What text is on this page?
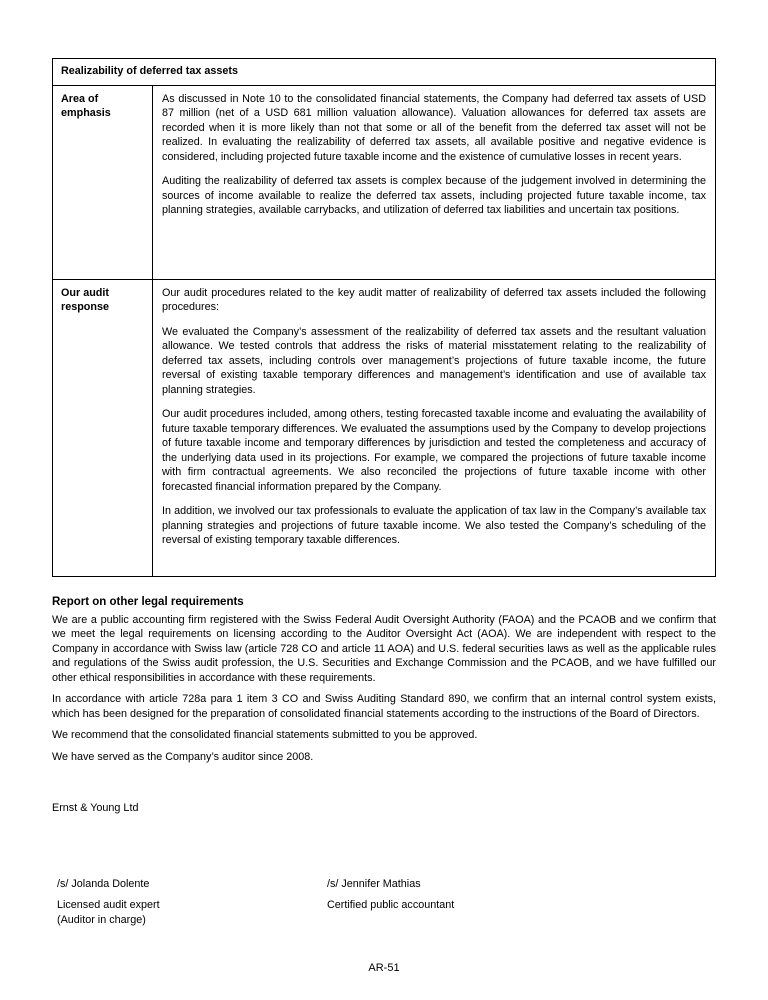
Realizability of deferred tax assets
Area of emphasis

As discussed in Note 10 to the consolidated financial statements, the Company had deferred tax assets of USD 87 million (net of a USD 681 million valuation allowance). Valuation allowances for deferred tax assets are recorded when it is more likely than not that some or all of the benefit from the deferred tax asset will not be realized. In evaluating the realizability of deferred tax assets, all available positive and negative evidence is considered, including projected future taxable income and the existence of cumulative losses in recent years.

Auditing the realizability of deferred tax assets is complex because of the judgement involved in determining the sources of income available to realize the deferred tax assets, including projected future taxable income, tax planning strategies, available carrybacks, and utilization of deferred tax liabilities and uncertain tax positions.

Our audit response

Our audit procedures related to the key audit matter of realizability of deferred tax assets included the following procedures:

We evaluated the Company’s assessment of the realizability of deferred tax assets and the resultant valuation allowance. We tested controls that address the risks of material misstatement relating to the realizability of deferred tax assets, including controls over management’s projections of future taxable income, the future reversal of existing taxable temporary differences and management’s identification and use of available tax planning strategies.

Our audit procedures included, among others, testing forecasted taxable income and evaluating the availability of future taxable temporary differences. We evaluated the assumptions used by the Company to develop projections of future taxable income and temporary differences by jurisdiction and tested the completeness and accuracy of the underlying data used in its projections. For example, we compared the projections of future taxable income with firm contractual agreements. We also reconciled the projections of future taxable income with other forecasted financial information prepared by the Company.

In addition, we involved our tax professionals to evaluate the application of tax law in the Company’s available tax planning strategies and projections of future taxable income. We also tested the Company’s scheduling of the reversal of existing temporary taxable differences.

Report on other legal requirements

We are a public accounting firm registered with the Swiss Federal Audit Oversight Authority (FAOA) and the PCAOB and we confirm that we meet the legal requirements on licensing according to the Auditor Oversight Act (AOA). We are independent with respect to the Company in accordance with Swiss law (article 728 CO and article 11 AOA) and U.S. federal securities laws as well as the applicable rules and regulations of the Swiss audit profession, the U.S. Securities and Exchange Commission and the PCAOB, and we have fulfilled our other ethical responsibilities in accordance with these requirements.

In accordance with article 728a para 1 item 3 CO and Swiss Auditing Standard 890, we confirm that an internal control system exists, which has been designed for the preparation of consolidated financial statements according to the instructions of the Board of Directors.

We recommend that the consolidated financial statements submitted to you be approved.

We have served as the Company’s auditor since 2008.

Ernst & Young Ltd

/s/ Jolanda Dolente

Licensed audit expert

(Auditor in charge)

/s/ Jennifer Mathias

Certified public accountant

AR-51
